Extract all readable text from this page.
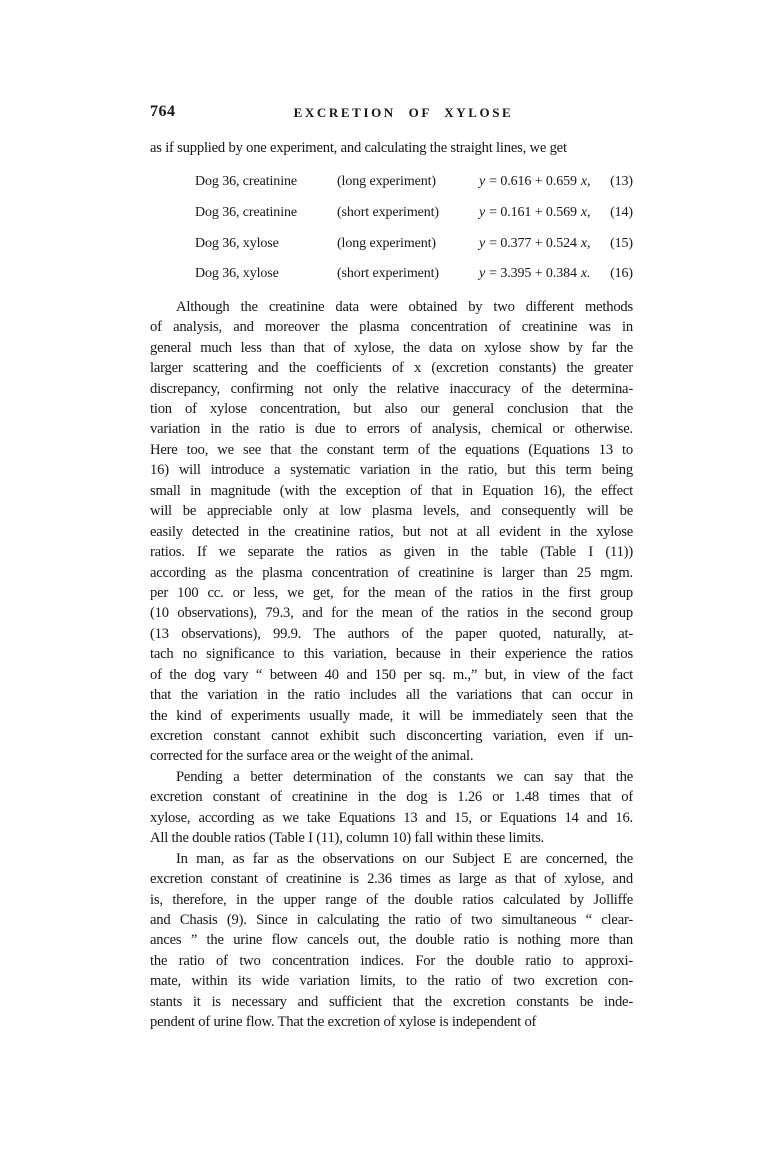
764	EXCRETION OF XYLOSE
as if supplied by one experiment, and calculating the straight lines, we get
Dog 36, creatinine	(long experiment)	y = 0.616 + 0.659 x, (13)
Dog 36, creatinine	(short experiment)	y = 0.161 + 0.569 x, (14)
Dog 36, xylose	(long experiment)	y = 0.377 + 0.524 x, (15)
Dog 36, xylose	(short experiment)	y = 3.395 + 0.384 x. (16)
Although the creatinine data were obtained by two different methods
of analysis, and moreover the plasma concentration of creatinine was in
general much less than that of xylose, the data on xylose show by far the
larger scattering and the coefficients of x (excretion constants) the greater
discrepancy, confirming not only the relative inaccuracy of the determina-
tion of xylose concentration, but also our general conclusion that the
variation in the ratio is due to errors of analysis, chemical or otherwise.
Here too, we see that the constant term of the equations (Equations 13 to
16) will introduce a systematic variation in the ratio, but this term being
small in magnitude (with the exception of that in Equation 16), the effect
will be appreciable only at low plasma levels, and consequently will be
easily detected in the creatinine ratios, but not at all evident in the xylose
ratios. If we separate the ratios as given in the table (Table I (11))
according as the plasma concentration of creatinine is larger than 25 mgm.
per 100 cc. or less, we get, for the mean of the ratios in the first group
(10 observations), 79.3, and for the mean of the ratios in the second group
(13 observations), 99.9. The authors of the paper quoted, naturally, at-
tach no significance to this variation, because in their experience the ratios
of the dog vary “ between 40 and 150 per sq. m.,” but, in view of the fact
that the variation in the ratio includes all the variations that can occur in
the kind of experiments usually made, it will be immediately seen that the
excretion constant cannot exhibit such disconcerting variation, even if un-
corrected for the surface area or the weight of the animal.
Pending a better determination of the constants we can say that the
excretion constant of creatinine in the dog is 1.26 or 1.48 times that of
xylose, according as we take Equations 13 and 15, or Equations 14 and 16.
All the double ratios (Table I (11), column 10) fall within these limits.
In man, as far as the observations on our Subject E are concerned, the
excretion constant of creatinine is 2.36 times as large as that of xylose, and
is, therefore, in the upper range of the double ratios calculated by Jolliffe
and Chasis (9). Since in calculating the ratio of two simultaneous “ clear-
ances ” the urine flow cancels out, the double ratio is nothing more than
the ratio of two concentration indices. For the double ratio to approxi-
mate, within its wide variation limits, to the ratio of two excretion con-
stants it is necessary and sufficient that the excretion constants be inde-
pendent of urine flow. That the excretion of xylose is independent of
